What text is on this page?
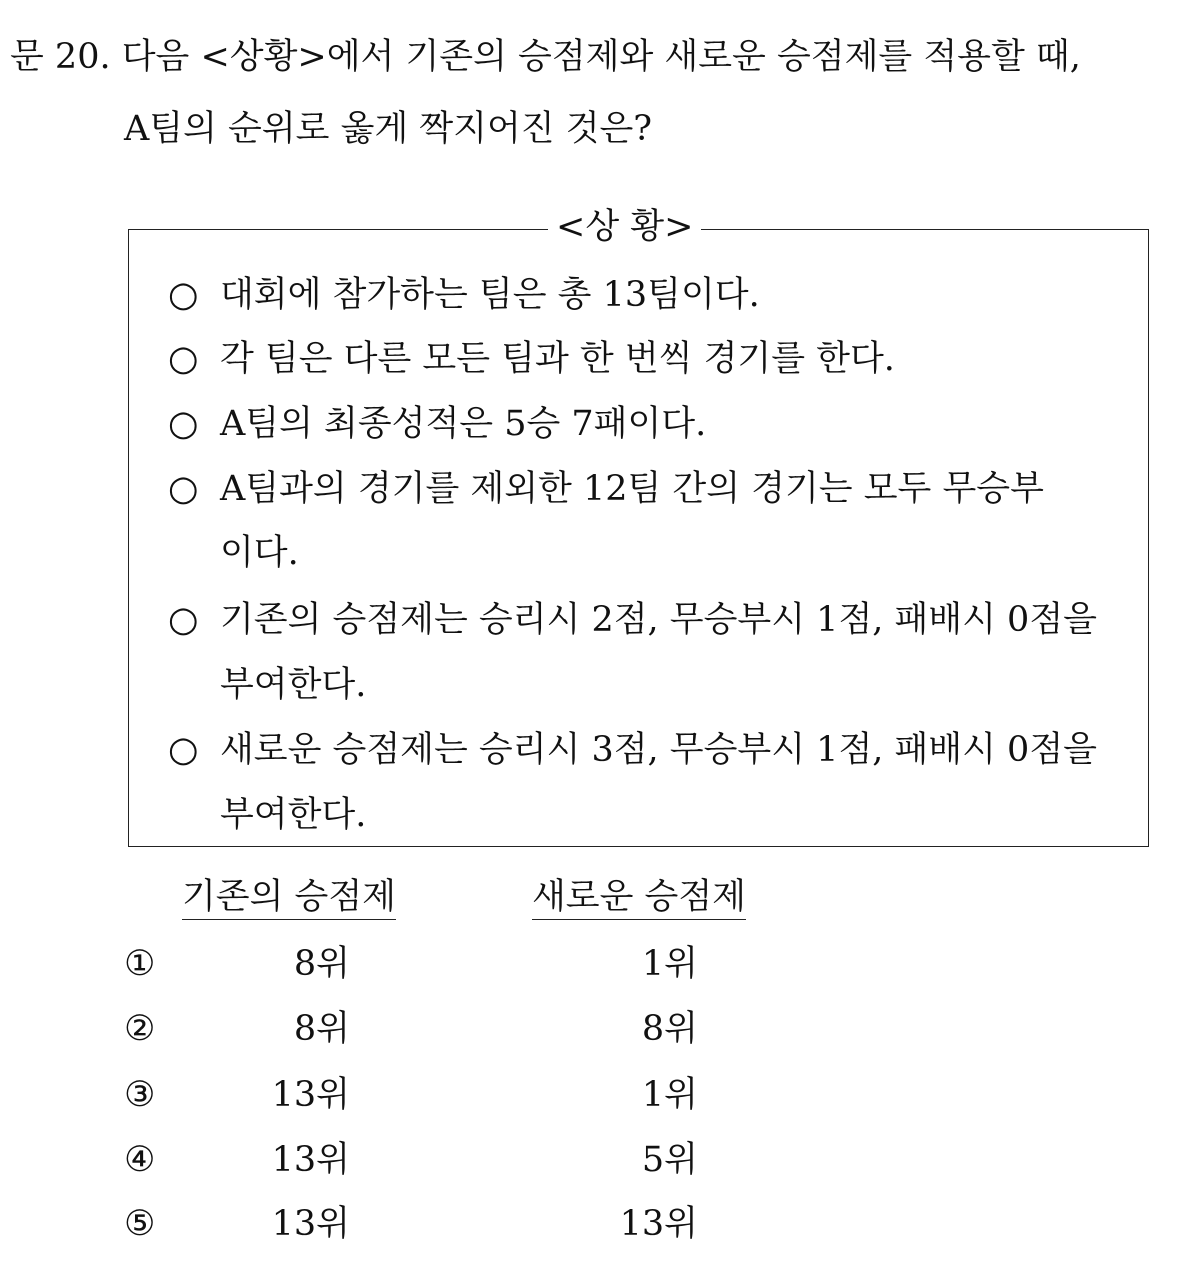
문 20. 다음 <상황>에서 기존의 승점제와 새로운 승점제를 적용할 때,
A팀의 순위로 옳게 짝지어진 것은?
<상 황>
○ 대회에 참가하는 팀은 총 13팀이다.
○ 각 팀은 다른 모든 팀과 한 번씩 경기를 한다.
○ A팀의 최종성적은 5승 7패이다.
○ A팀과의 경기를 제외한 12팀 간의 경기는 모두 무승부
이다.
○ 기존의 승점제는 승리시 2점, 무승부시 1점, 패배시 0점을
부여한다.
○ 새로운 승점제는 승리시 3점, 무승부시 1점, 패배시 0점을
부여한다.
기존의 승점제	새로운 승점제
①	8위	1위
②	8위	8위
③	13위	1위
④	13위	5위
⑤	13위	13위
